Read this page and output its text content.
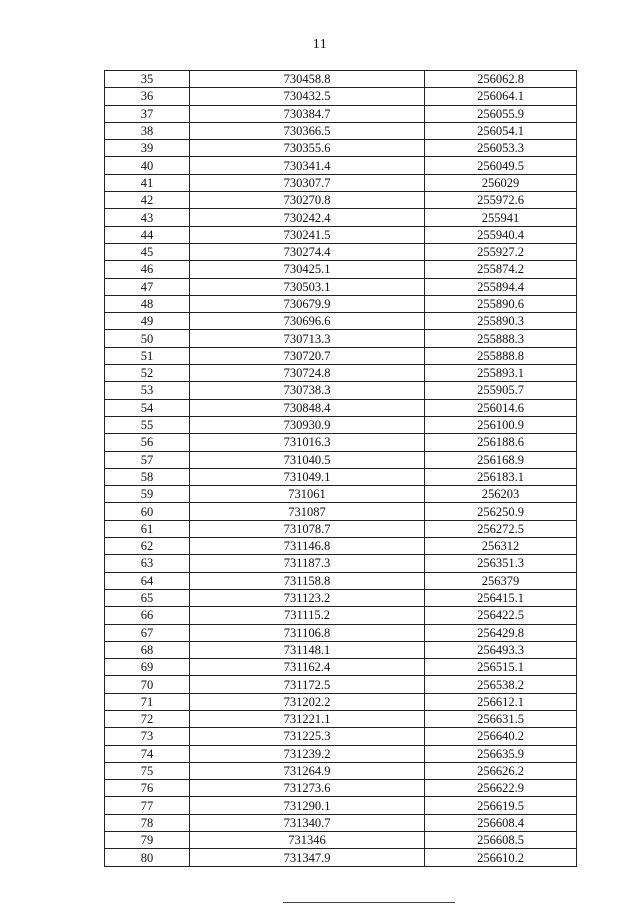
11
35	730458.8	256062.8
36	730432.5	256064.1
37	730384.7	256055.9
38	730366.5	256054.1
39	730355.6	256053.3
40	730341.4	256049.5
41	730307.7	256029
42	730270.8	255972.6
43	730242.4	255941
44	730241.5	255940.4
45	730274.4	255927.2
46	730425.1	255874.2
47	730503.1	255894.4
48	730679.9	255890.6
49	730696.6	255890.3
50	730713.3	255888.3
51	730720.7	255888.8
52	730724.8	255893.1
53	730738.3	255905.7
54	730848.4	256014.6
55	730930.9	256100.9
56	731016.3	256188.6
57	731040.5	256168.9
58	731049.1	256183.1
59	731061	256203
60	731087	256250.9
61	731078.7	256272.5
62	731146.8	256312
63	731187.3	256351.3
64	731158.8	256379
65	731123.2	256415.1
66	731115.2	256422.5
67	731106.8	256429.8
68	731148.1	256493.3
69	731162.4	256515.1
70	731172.5	256538.2
71	731202.2	256612.1
72	731221.1	256631.5
73	731225.3	256640.2
74	731239.2	256635.9
75	731264.9	256626.2
76	731273.6	256622.9
77	731290.1	256619.5
78	731340.7	256608.4
79	731346	256608.5
80	731347.9	256610.2
